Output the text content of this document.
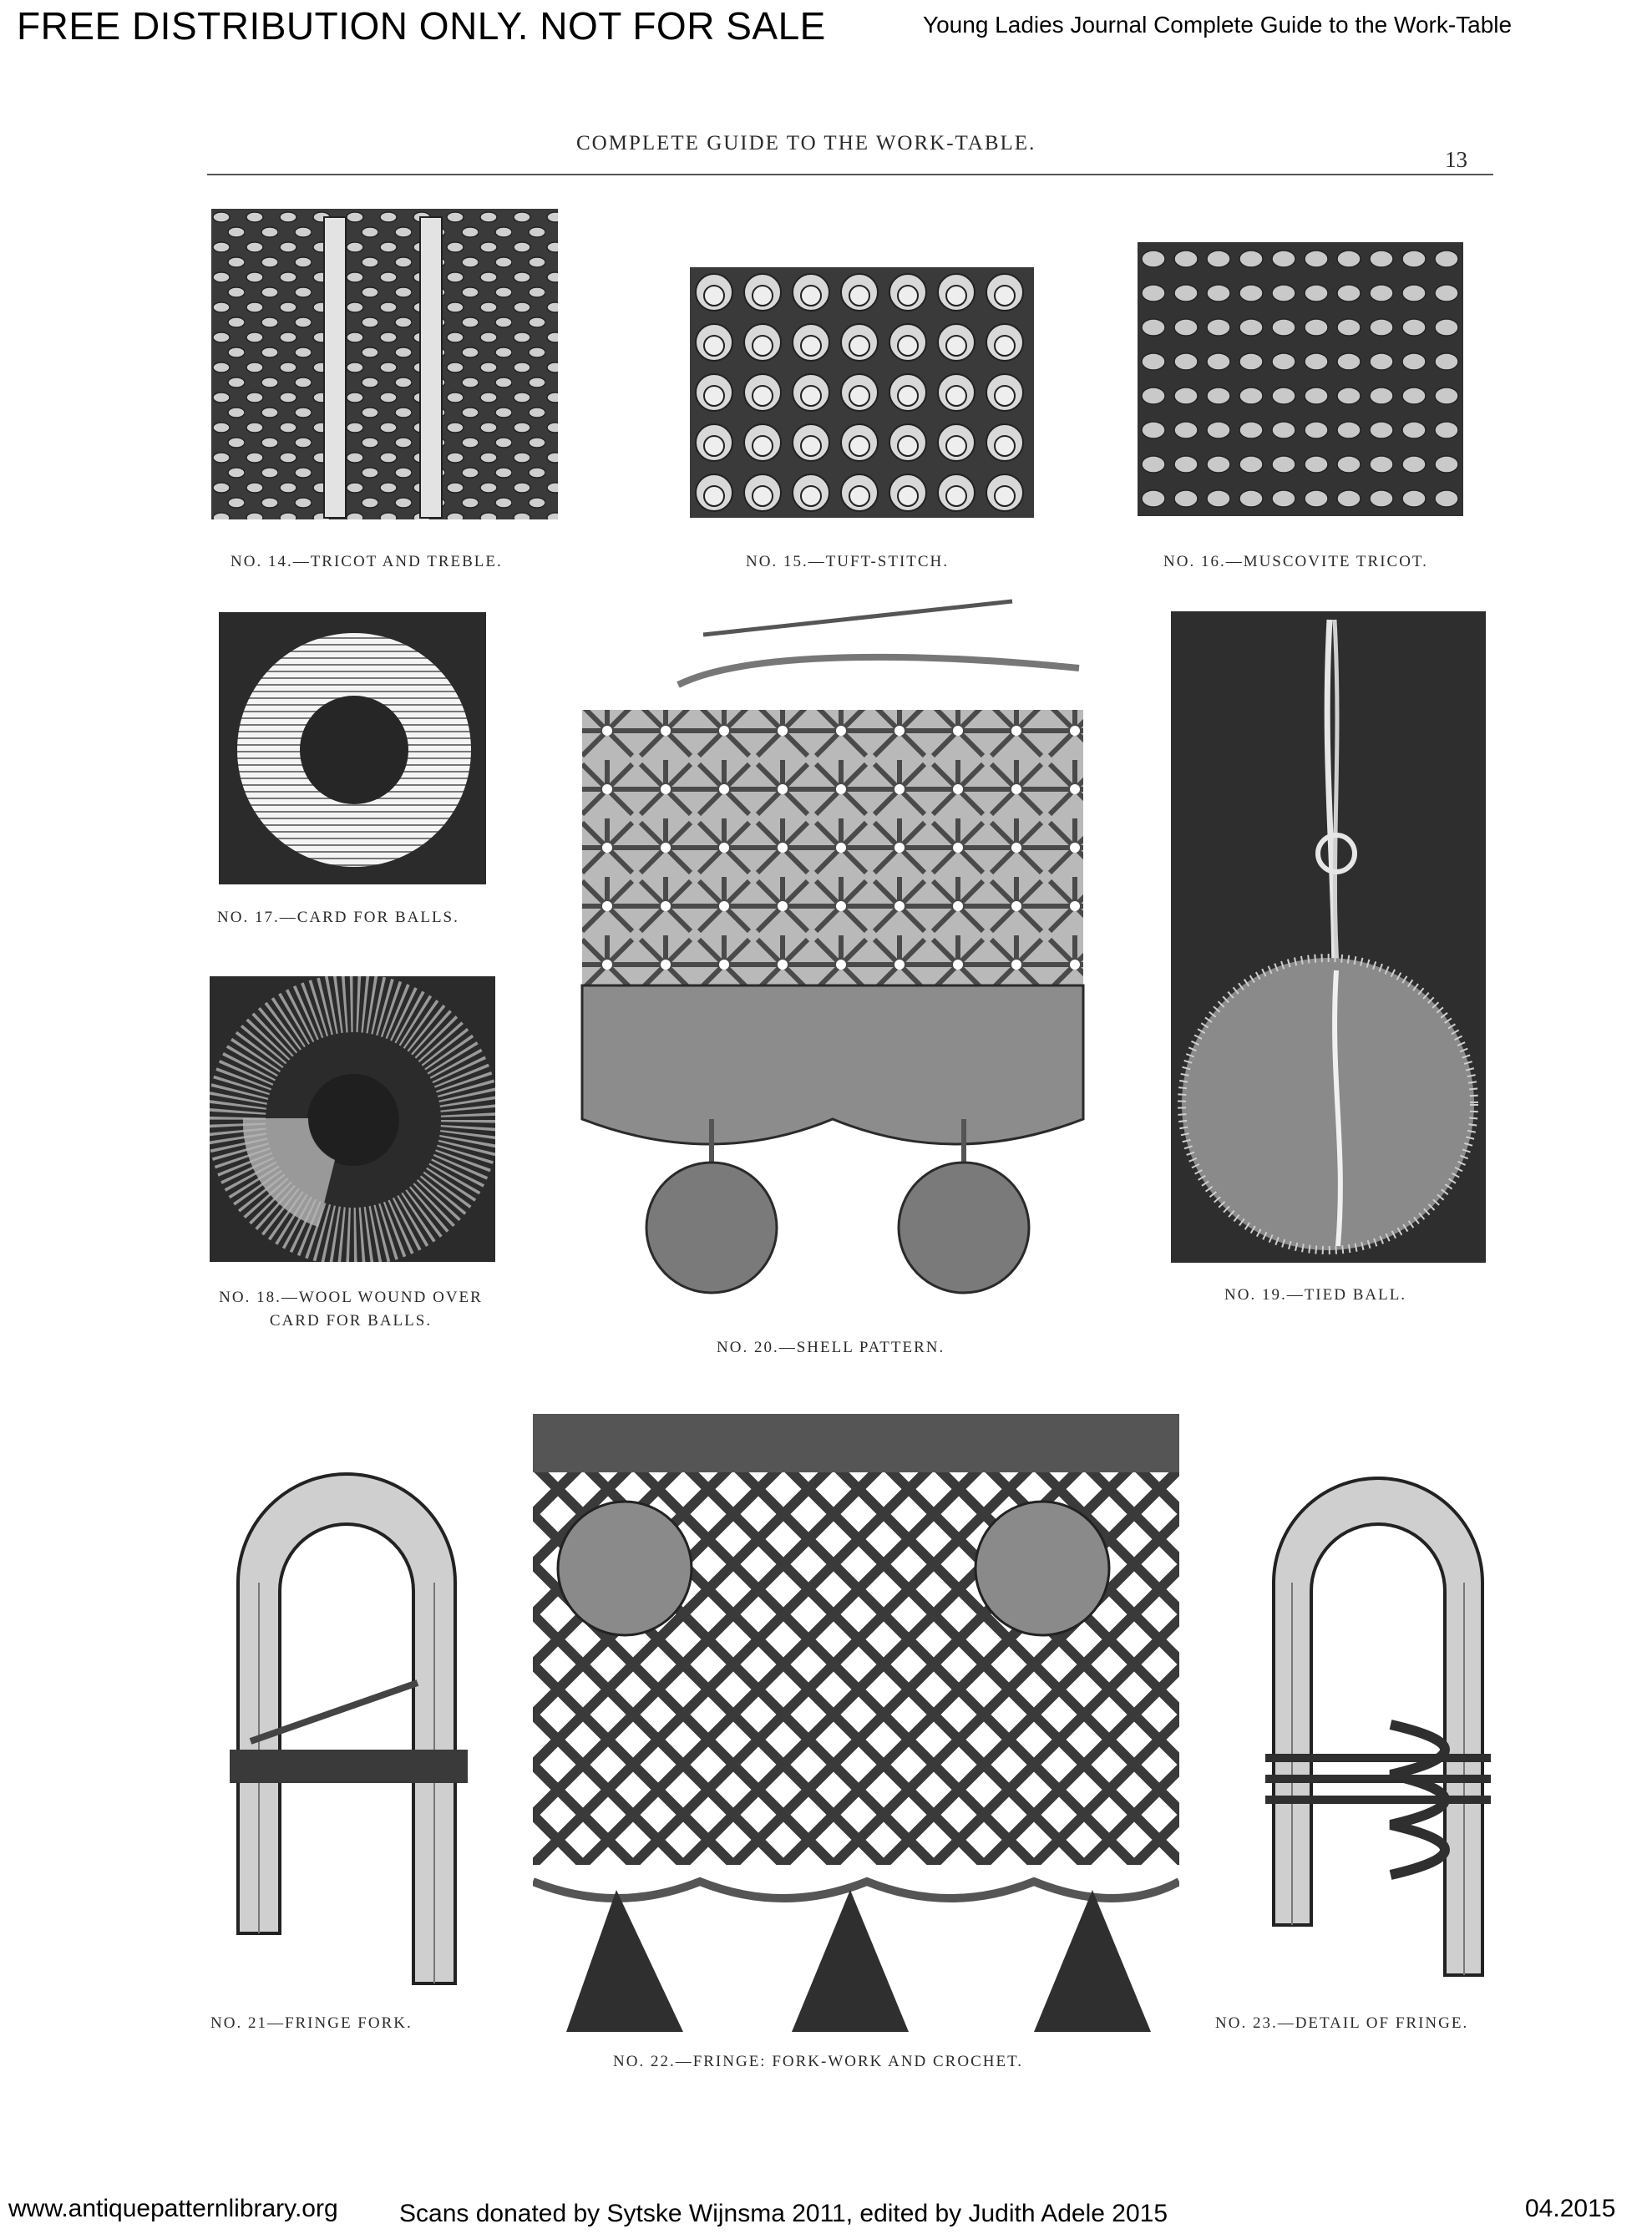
FREE DISTRIBUTION ONLY. NOT FOR SALE	Young Ladies Journal Complete Guide to the Work-Table
COMPLETE GUIDE TO THE WORK-TABLE.
13
NO. 14.—TRICOT AND TREBLE.	NO. 15.—TUFT-STITCH.	NO. 16.—MUSCOVITE TRICOT.
NO. 17.—CARD FOR BALLS.
NO. 18.—WOOL WOUND OVER
CARD FOR BALLS.
NO. 19.—TIED BALL.
NO. 20.—SHELL PATTERN.
NO. 21—FRINGE FORK.
NO. 22.—FRINGE: FORK-WORK AND CROCHET.
NO. 23.—DETAIL OF FRINGE.
www.antiquepatternlibrary.org Scans donated by Sytske Wijnsma 2011, edited by Judith Adele 2015	04.2015
